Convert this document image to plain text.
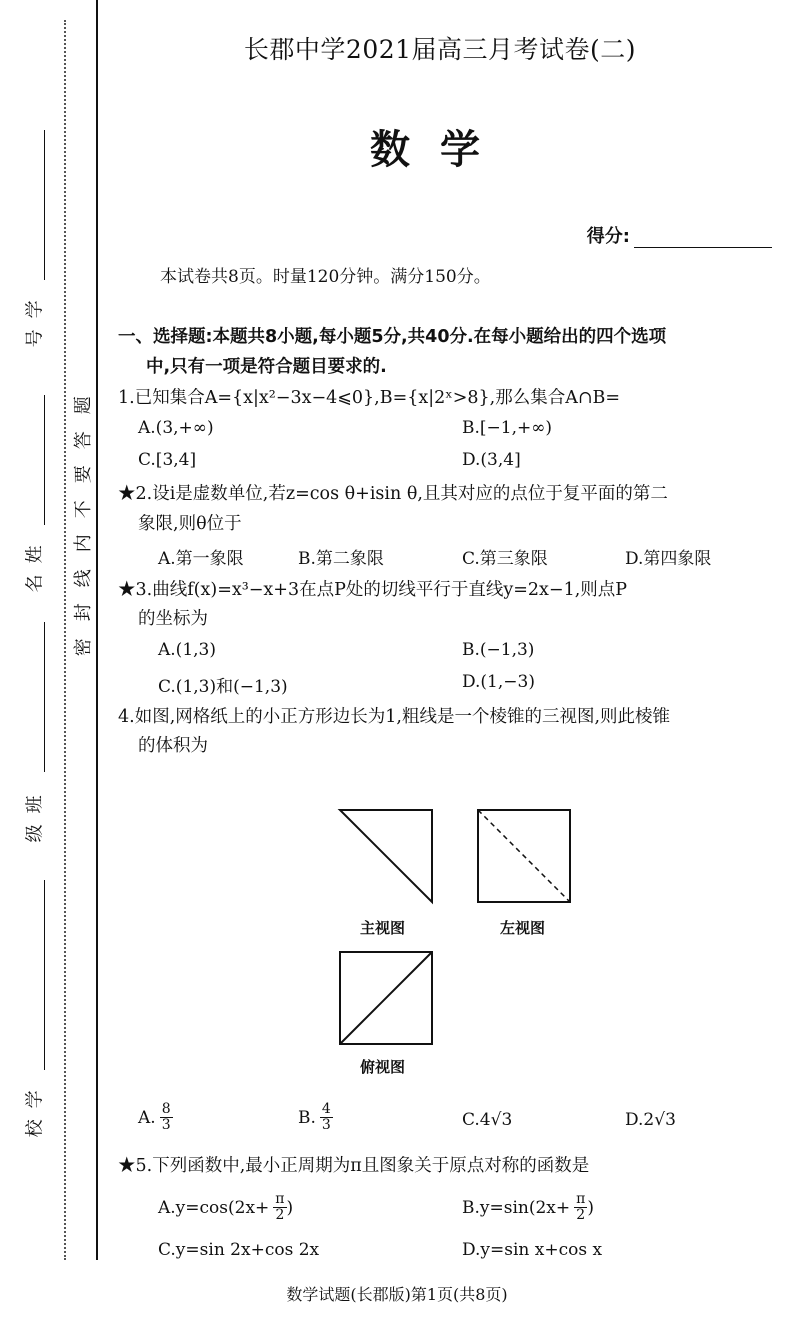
学
号
姓
名
班
级
学
校
题
答
要
不
内
线
封
密
长郡中学2021届高三月考试卷(二)
数学
得分:
本试卷共8页。时量120分钟。满分150分。
一、选择题:本题共8小题,每小题5分,共40分.在每小题给出的四个选项
中,只有一项是符合题目要求的.
1.已知集合A={x|x²−3x−4⩽0},B={x|2ˣ>8},那么集合A∩B=
A.(3,+∞)	B.[−1,+∞)
C.[3,4]	D.(3,4]
★2.设i是虚数单位,若z=cos θ+isin θ,且其对应的点位于复平面的第二
象限,则θ位于
A.第一象限	B.第二象限	C.第三象限	D.第四象限
★3.曲线f(x)=x³−x+3在点P处的切线平行于直线y=2x−1,则点P
的坐标为
A.(1,3)	B.(−1,3)
C.(1,3)和(−1,3)	D.(1,−3)
4.如图,网格纸上的小正方形边长为1,粗线是一个棱锥的三视图,则此棱锥
的体积为
主视图	左视图
俯视图
A. $\frac{8}{3}$	B. $\frac{4}{3}$	C.4√3	D.2√3
★5.下列函数中,最小正周期为π且图象关于原点对称的函数是
$A.y=\cos(2x+ \frac{\pi}{2}$ )	$B.y=\sin(2x+ \frac{\pi}{2}$ )
C.y=sin 2x+cos 2x	D.y=sin x+cos x
数学试题(长郡版)第1页(共8页)
